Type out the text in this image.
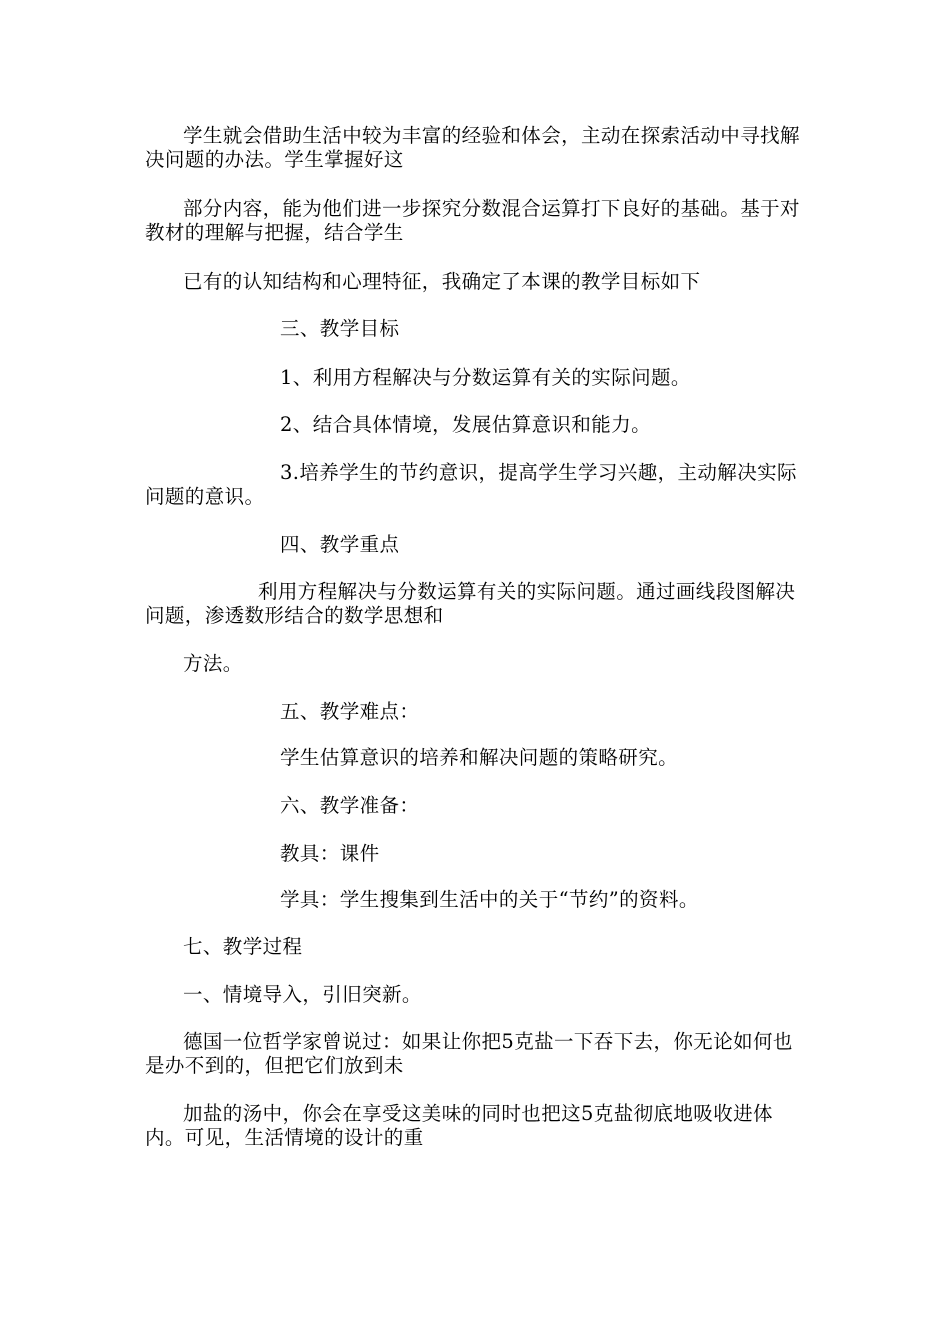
学生就会借助生活中较为丰富的经验和体会，主动在探索活动中寻找解决问题的办法。学生掌握好这

部分内容，能为他们进一步探究分数混合运算打下良好的基础。基于对教材的理解与把握，结合学生

已有的认知结构和心理特征，我确定了本课的教学目标如下

三、教学目标

1、利用方程解决与分数运算有关的实际问题。

2、结合具体情境，发展估算意识和能力。

3.培养学生的节约意识，提高学生学习兴趣，主动解决实际问题的意识。

四、教学重点

利用方程解决与分数运算有关的实际问题。通过画线段图解决问题，渗透数形结合的数学思想和

方法。

五、教学难点：

学生估算意识的培养和解决问题的策略研究。

六、教学准备：

教具：课件

学具：学生搜集到生活中的关于“节约”的资料。

七、教学过程

一、情境导入，引旧突新。

德国一位哲学家曾说过：如果让你把5克盐一下吞下去，你无论如何也是办不到的，但把它们放到未

加盐的汤中，你会在享受这美味的同时也把这5克盐彻底地吸收进体内。可见，生活情境的设计的重
